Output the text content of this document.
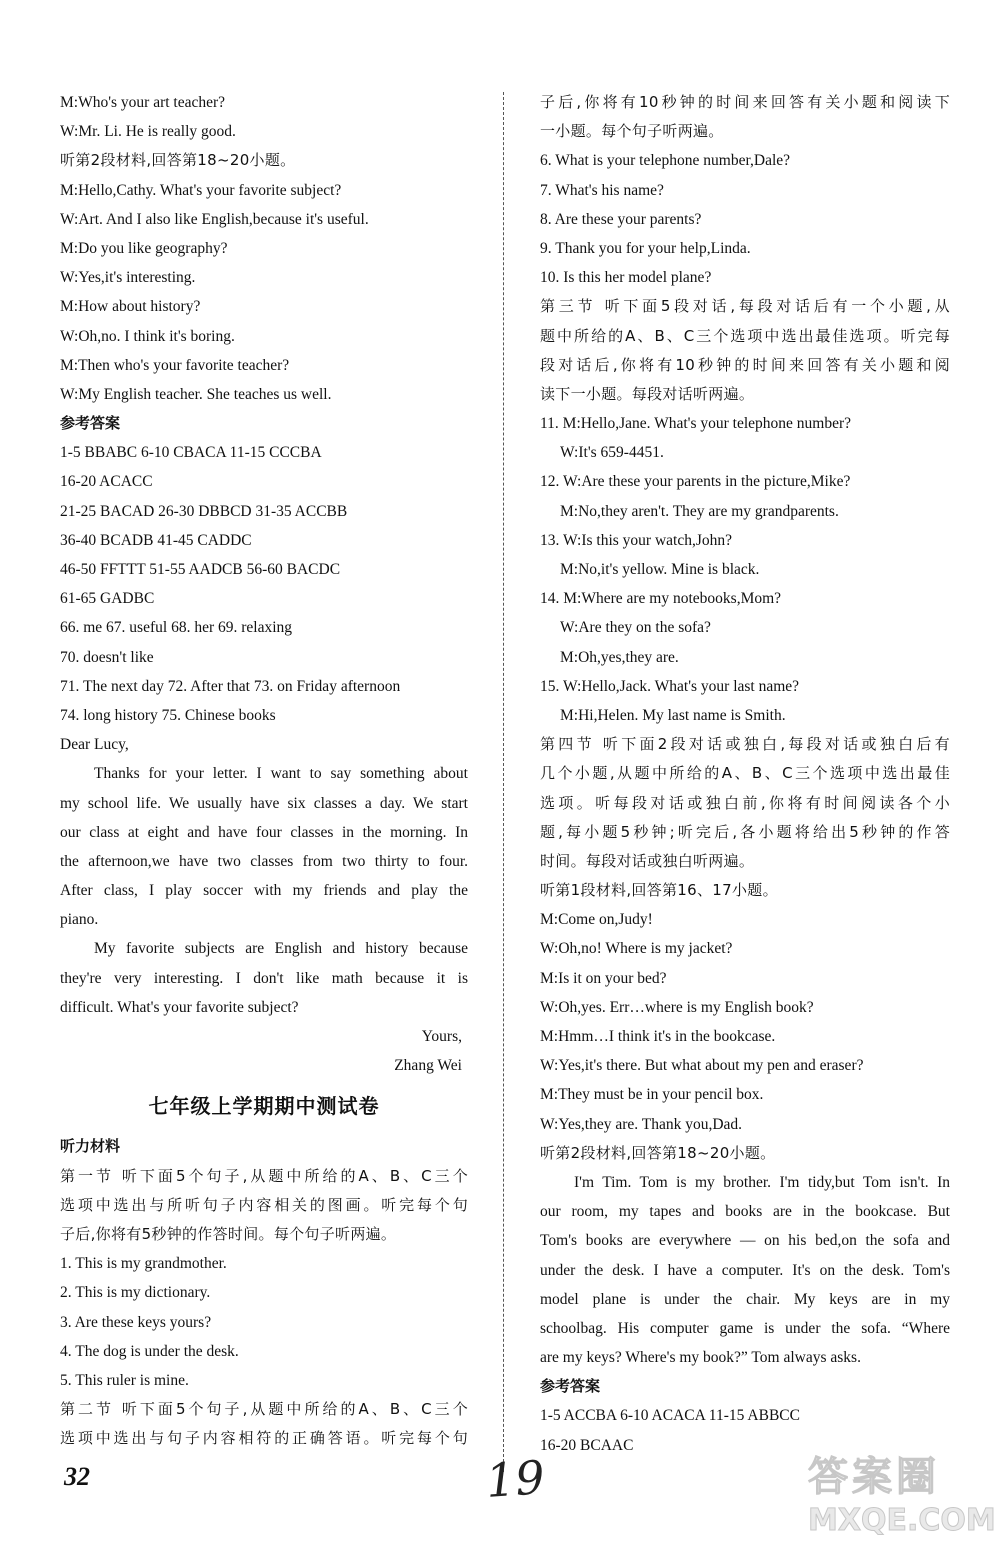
M:Who's your art teacher?
W:Mr. Li. He is really good.
听第2段材料,回答第18~20小题。
M:Hello,Cathy. What's your favorite subject?
W:Art. And I also like English,because it's useful.
M:Do you like geography?
W:Yes,it's interesting.
M:How about history?
W:Oh,no. I think it's boring.
M:Then who's your favorite teacher?
W:My English teacher. She teaches us well.
参考答案
1-5 BBABC 6-10 CBACA 11-15 CCCBA
16-20 ACACC
21-25 BACAD 26-30 DBBCD 31-35 ACCBB
36-40 BCADB 41-45 CADDC
46-50 FFTTT 51-55 AADCB 56-60 BACDC
61-65 GADBC
66. me 67. useful 68. her 69. relaxing
70. doesn't like
71. The next day 72. After that 73. on Friday afternoon
74. long history 75. Chinese books
Dear Lucy,
Thanks for your letter. I want to say something about
my school life. We usually have six classes a day. We start
our class at eight and have four classes in the morning. In
the afternoon,we have two classes from two thirty to four.
After class, I play soccer with my friends and play the
piano.
My favorite subjects are English and history because
they're very interesting. I don't like math because it is
difficult. What's your favorite subject?
Yours,
Zhang Wei
七年级上学期期中测试卷
听力材料
第一节 听下面5个句子,从题中所给的A、B、C三个
选项中选出与所听句子内容相关的图画。听完每个句
子后,你将有5秒钟的作答时间。每个句子听两遍。
1. This is my grandmother.
2. This is my dictionary.
3. Are these keys yours?
4. The dog is under the desk.
5. This ruler is mine.
第二节 听下面5个句子,从题中所给的A、B、C三个
选项中选出与句子内容相符的正确答语。听完每个句
子后,你将有10秒钟的时间来回答有关小题和阅读下
一小题。每个句子听两遍。
6. What is your telephone number,Dale?
7. What's his name?
8. Are these your parents?
9. Thank you for your help,Linda.
10. Is this her model plane?
第三节 听下面5段对话,每段对话后有一个小题,从
题中所给的A、B、C三个选项中选出最佳选项。听完每
段对话后,你将有10秒钟的时间来回答有关小题和阅
读下一小题。每段对话听两遍。
11. M:Hello,Jane. What's your telephone number?
W:It's 659-4451.
12. W:Are these your parents in the picture,Mike?
M:No,they aren't. They are my grandparents.
13. W:Is this your watch,John?
M:No,it's yellow. Mine is black.
14. M:Where are my notebooks,Mom?
W:Are they on the sofa?
M:Oh,yes,they are.
15. W:Hello,Jack. What's your last name?
M:Hi,Helen. My last name is Smith.
第四节 听下面2段对话或独白,每段对话或独白后有
几个小题,从题中所给的A、B、C三个选项中选出最佳
选项。听每段对话或独白前,你将有时间阅读各个小
题,每小题5秒钟;听完后,各小题将给出5秒钟的作答
时间。每段对话或独白听两遍。
听第1段材料,回答第16、17小题。
M:Come on,Judy!
W:Oh,no! Where is my jacket?
M:Is it on your bed?
W:Oh,yes. Err…where is my English book?
M:Hmm…I think it's in the bookcase.
W:Yes,it's there. But what about my pen and eraser?
M:They must be in your pencil box.
W:Yes,they are. Thank you,Dad.
听第2段材料,回答第18~20小题。
I'm Tim. Tom is my brother. I'm tidy,but Tom isn't. In
our room, my tapes and books are in the bookcase. But
Tom's books are everywhere — on his bed,on the sofa and
under the desk. I have a computer. It's on the desk. Tom's
model plane is under the chair. My keys are in my
schoolbag. His computer game is under the sofa. “Where
are my keys? Where's my book?” Tom always asks.
参考答案
1-5 ACCBA 6-10 ACACA 11-15 ABBCC
16-20 BCAAC
32	19	答案圈
MXQE.COM
